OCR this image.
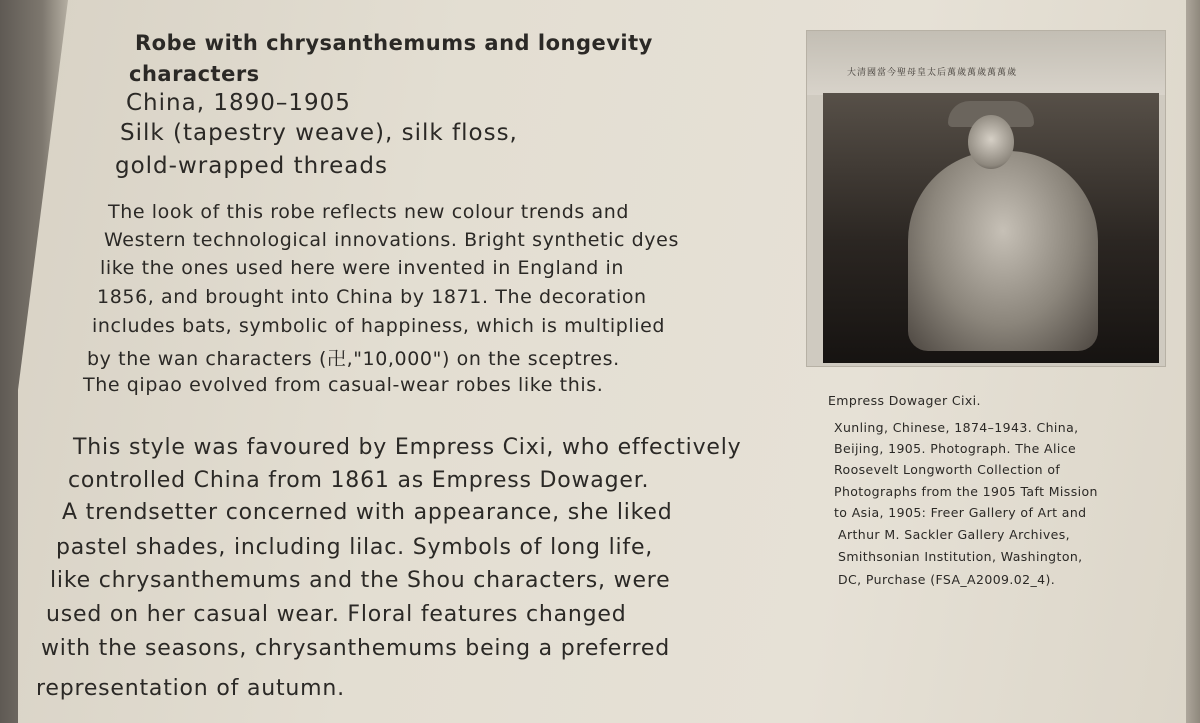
Robe with chrysanthemums and longevity
characters
China, 1890–1905
Silk (tapestry weave), silk floss,
gold-wrapped threads
The look of this robe reflects new colour trends and
Western technological innovations. Bright synthetic dyes
like the ones used here were invented in England in
1856, and brought into China by 1871. The decoration
includes bats, symbolic of happiness, which is multiplied
by the wan characters (卍,"10,000") on the sceptres.
The qipao evolved from casual-wear robes like this.
This style was favoured by Empress Cixi, who effectively
controlled China from 1861 as Empress Dowager.
A trendsetter concerned with appearance, she liked
pastel shades, including lilac. Symbols of long life,
like chrysanthemums and the Shou characters, were
used on her casual wear. Floral features changed
with the seasons, chrysanthemums being a preferred
representation of autumn.
大清國當今聖母皇太后萬歲萬歲萬萬歲
Empress Dowager Cixi.
Xunling, Chinese, 1874–1943. China,
Beijing, 1905. Photograph. The Alice
Roosevelt Longworth Collection of
Photographs from the 1905 Taft Mission
to Asia, 1905: Freer Gallery of Art and
Arthur M. Sackler Gallery Archives,
Smithsonian Institution, Washington,
DC, Purchase (FSA_A2009.02_4).
